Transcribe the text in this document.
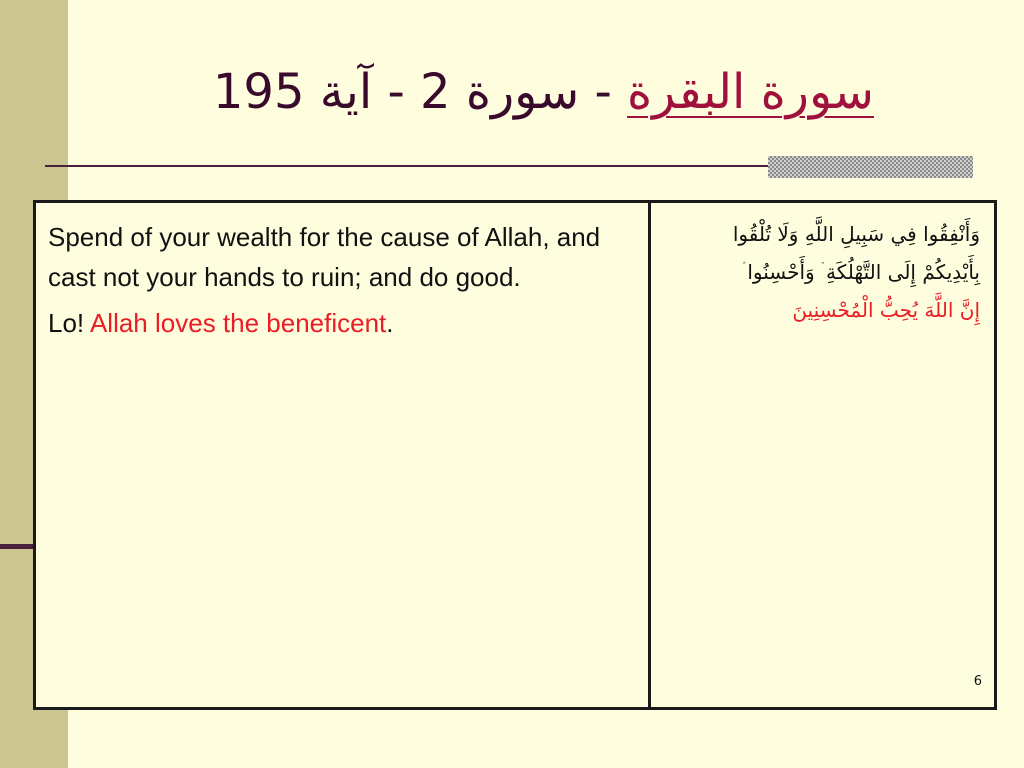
سورة البقرة - سورة 2 - آية 195

Spend of your wealth for the cause of Allah, and cast not your hands to ruin; and do good.

Lo! Allah loves the beneficent.

وَأَنْفِقُوا فِي سَبِيلِ اللَّهِ وَلَا تُلْقُوا
بِأَيْدِيكُمْ إِلَى التَّهْلُكَةِ ۛ وَأَحْسِنُوا ۛ
إِنَّ اللَّهَ يُحِبُّ الْمُحْسِنِينَ
6
